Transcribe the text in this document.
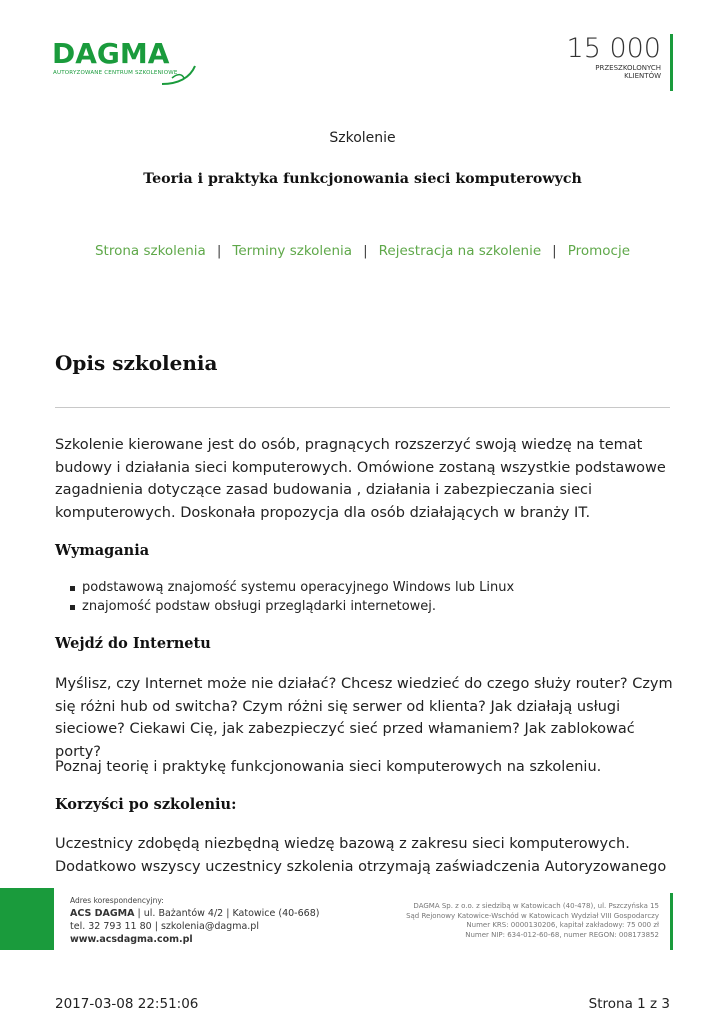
DAGMA
AUTORYZOWANE CENTRUM SZKOLENIOWE
15 000
PRZESZKOLONYCH
KLIENTÓW
Szkolenie
Teoria i praktyka funkcjonowania sieci komputerowych
Strona szkolenia | Terminy szkolenia | Rejestracja na szkolenie | Promocje
Opis szkolenia

Szkolenie kierowane jest do osób, pragnących rozszerzyć swoją wiedzę na temat budowy i działania sieci komputerowych. Omówione zostaną wszystkie podstawowe zagadnienia dotyczące zasad budowania , działania i zabezpieczania sieci komputerowych. Doskonała propozycja dla osób działających w branży IT.

Wymagania
podstawową znajomość systemu operacyjnego Windows lub Linux
znajomość podstaw obsługi przeglądarki internetowej.
Wejdź do Internetu

Myślisz, czy Internet może nie działać? Chcesz wiedzieć do czego służy router? Czym się różni hub od switcha? Czym różni się serwer od klienta? Jak działają usługi sieciowe? Ciekawi Cię, jak zabezpieczyć sieć przed włamaniem? Jak zablokować porty?

Poznaj teorię i praktykę funkcjonowania sieci komputerowych na szkoleniu.

Korzyści po szkoleniu:

Uczestnicy zdobędą niezbędną wiedzę bazową z zakresu sieci komputerowych. Dodatkowo wszyscy uczestnicy szkolenia otrzymają zaświadczenia Autoryzowanego

Adres korespondencyjny:
ACS DAGMA | ul. Bażantów 4/2 | Katowice (40-668)
tel. 32 793 11 80 | szkolenia@dagma.pl
www.acsdagma.com.pl
DAGMA Sp. z o.o. z siedzibą w Katowicach (40-478), ul. Pszczyńska 15
Sąd Rejonowy Katowice-Wschód w Katowicach Wydział VIII Gospodarczy
Numer KRS: 0000130206, kapitał zakładowy: 75 000 zł
Numer NIP: 634-012-60-68, numer REGON: 008173852
2017-03-08 22:51:06	Strona 1 z 3
